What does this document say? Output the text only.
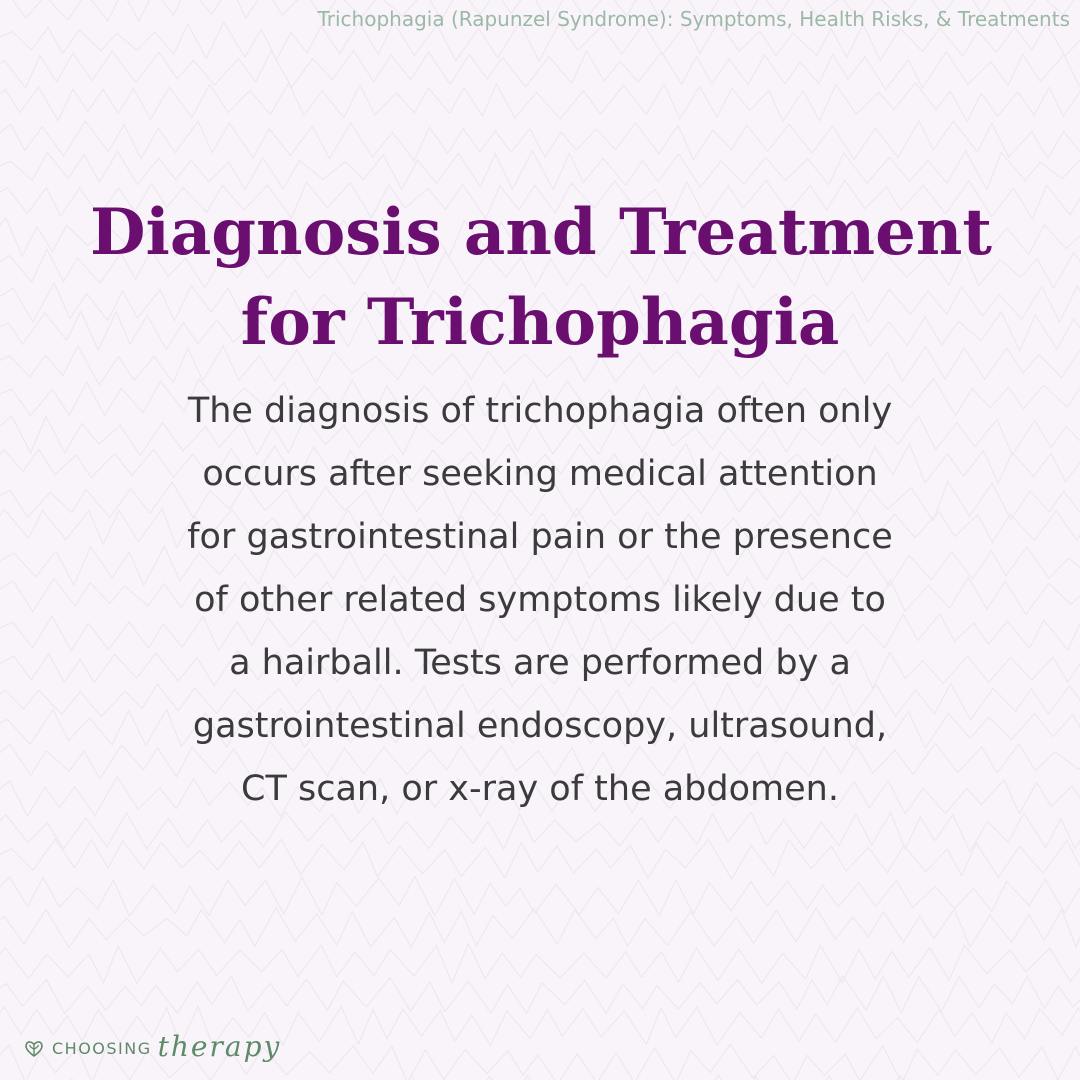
Trichophagia (Rapunzel Syndrome): Symptoms, Health Risks, & Treatments
Diagnosis and Treatment
for Trichophagia
The diagnosis of trichophagia often only
occurs after seeking medical attention
for gastrointestinal pain or the presence
of other related symptoms likely due to
a hairball. Tests are performed by a
gastrointestinal endoscopy, ultrasound,
CT scan, or x-ray of the abdomen.
CHOOSING therapy
